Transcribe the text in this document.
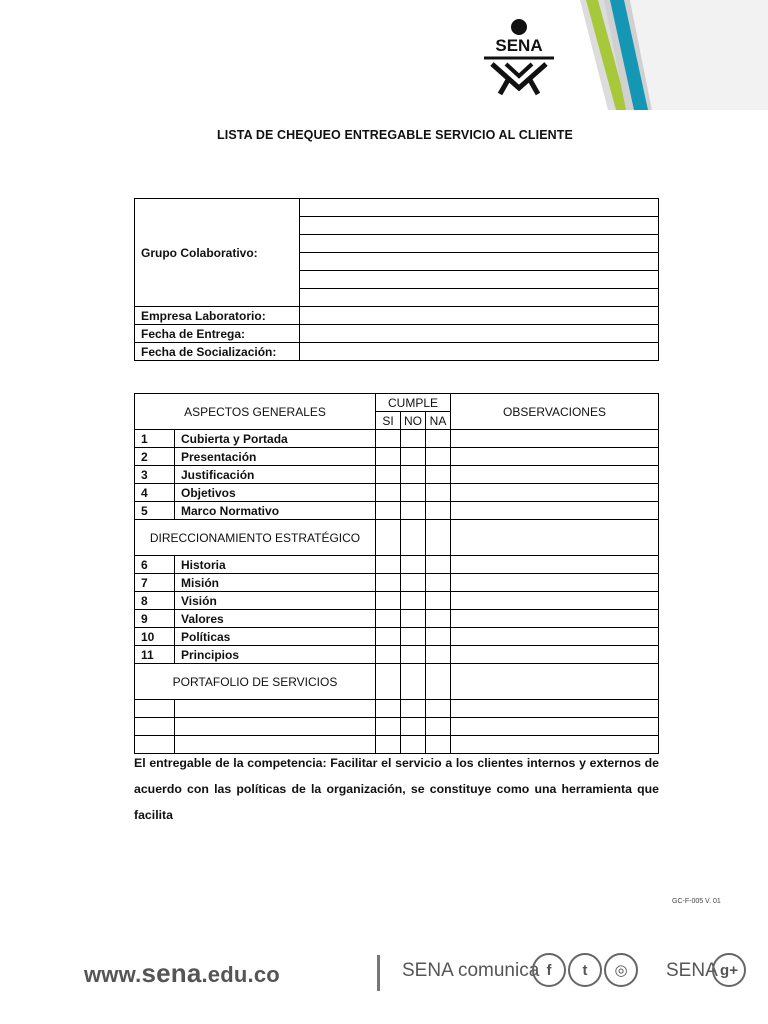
SENA
LISTA DE CHEQUEO ENTREGABLE SERVICIO AL CLIENTE
Grupo Colaborativo:	

Empresa Laboratorio:	
Fecha de Entrega:	
Fecha de Socialización:	
ASPECTOS GENERALES		CUMPLE			OBSERVACIONES
		SI	NO	NA	
1	Cubierta y Portada				
2	Presentación				
3	Justificación				
4	Objetivos				
5	Marco Normativo				
DIRECCIONAMIENTO ESTRATÉGICO					
6	Historia				
7	Misión				
8	Visión				
9	Valores				
10	Políticas				
11	Principios				
PORTAFOLIO DE SERVICIOS					

El entregable de la competencia: Facilitar el servicio a los clientes internos y externos de
acuerdo con las políticas de la organización, se constituye como una herramienta que facilita
GC-F-005 V. 01
www.sena.edu.co	SENA comunica f	t	◎	SENA g+
